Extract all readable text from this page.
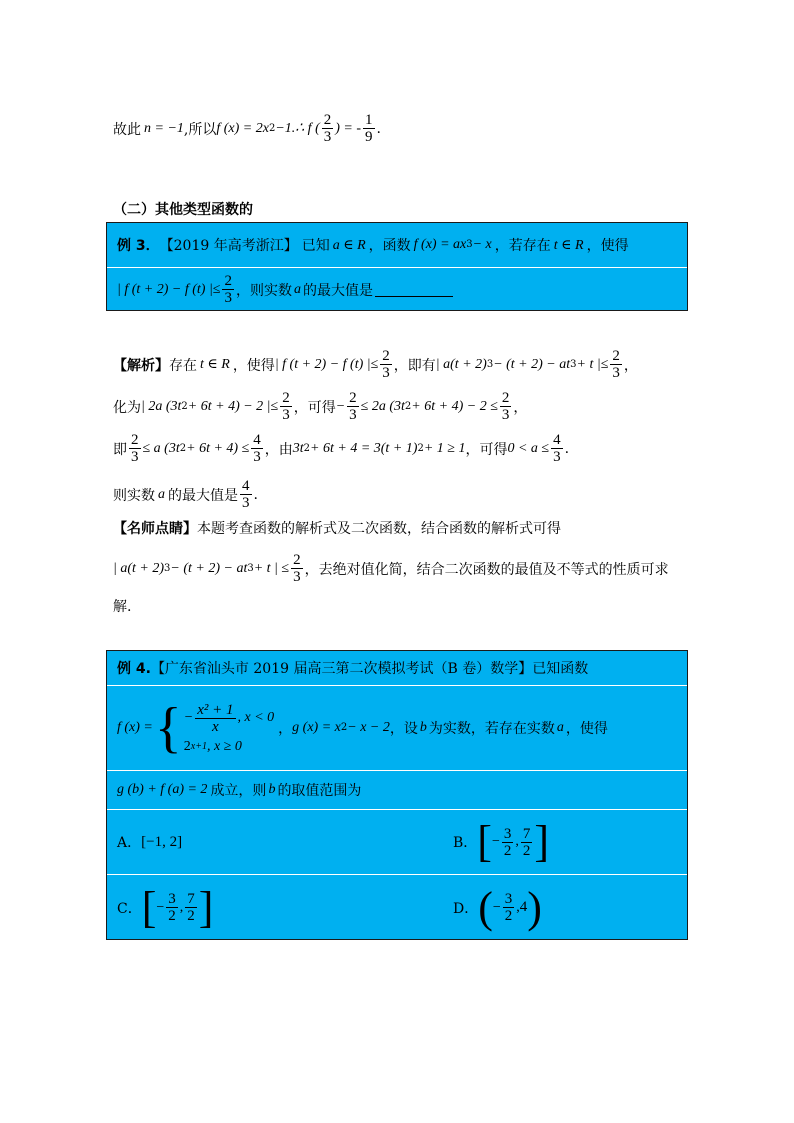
故此 n = −1 ,所以 f (x) = 2x 2 −1.∴ f ( $\frac{2}{3}$ ) = - $\frac{1}{9}$ .
（二）其他类型函数的
例 3． 【2019 年高考浙江】 已知 a ∈ R ，函数 f (x) = ax 3 − x ，若存在 t ∈ R ，使得
| f (t + 2) − f (t) |≤ $\frac{2}{3}$ ，则实数 a 的最大值是
【解析】 存在 t ∈ R ，使得 | f (t + 2) − f (t) |≤ $\frac{2}{3}$ ，即有 | a(t + 2) 3 − (t + 2) − at 3 + t |≤ $\frac{2}{3}$ ，
化为 | 2a (3t 2 + 6t + 4) − 2 |≤ $\frac{2}{3}$ ，可得 − $\frac{2}{3} \le 2a$ (3t $2 + 6t + 4) - 2 \le \frac{2}{3}$ ，
即 $\frac{2}{3} \le a$ (3t $2 + 6t + 4) \le \frac{4}{3}$ ，由 3t 2 + 6t + 4 = 3(t + 1) 2 + 1 ≥ 1 ，可得 $0 < a \le \frac{4}{3}$ .
则实数 a 的最大值是 $\frac{4}{3}$ .
【名师点睛】 本题考查函数的解析式及二次函数，结合函数的解析式可得
| a(t + 2) 3 − (t + 2) − at 3 + t | ≤ $\frac{2}{3}$ ，去绝对值化简，结合二次函数的最值及不等式的性质可求
解.
例 4. 【广东省汕头市 2019 届高三第二次模拟考试（B 卷）数学】 已知函数
f (x) = { − $\frac{\text{x² + 1}}{x}$ , x < 0
2 x+1 , x ≥ 0
， g (x) = x 2 − x − 2 ，设 b 为实数，若存在实数 a ，使得
g (b) + f (a) = 2 成立，则 b 的取值范围为
A． [−1, 2]	B． [ − $\frac{3}{2}$ , $\frac{7}{2}$ ]
C． [ − $\frac{3}{2}$ , $\frac{7}{2}$ ]	D． ( − $\frac{3}{2}$ , 4 )
